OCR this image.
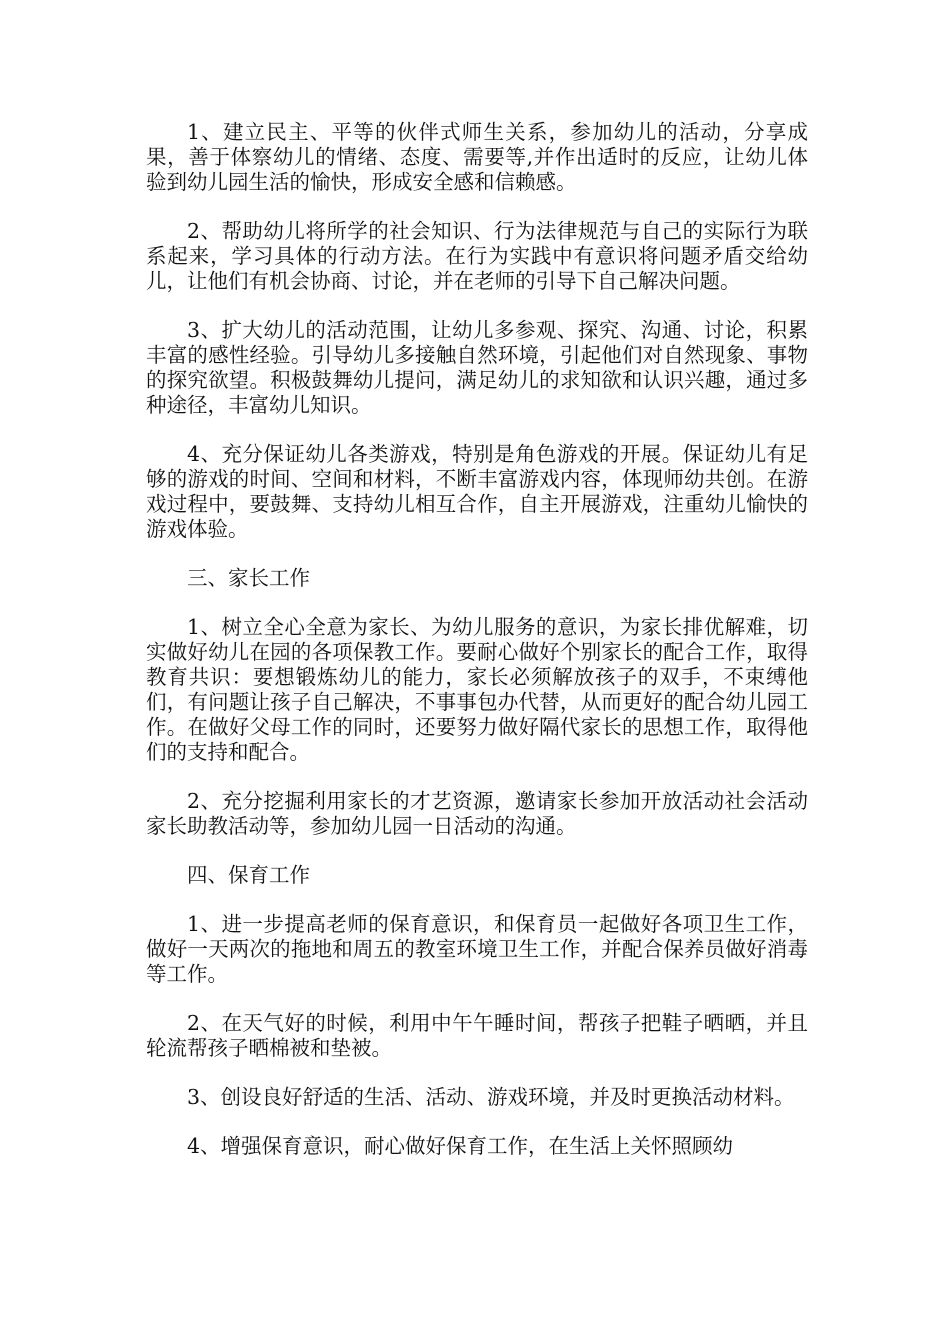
1、建立民主、平等的伙伴式师生关系，参加幼儿的活动，分享成果，善于体察幼儿的情绪、态度、需要等,并作出适时的反应，让幼儿体验到幼儿园生活的愉快，形成安全感和信赖感。

2、帮助幼儿将所学的社会知识、行为法律规范与自己的实际行为联系起来，学习具体的行动方法。在行为实践中有意识将问题矛盾交给幼儿，让他们有机会协商、讨论，并在老师的引导下自己解决问题。

3、扩大幼儿的活动范围，让幼儿多参观、探究、沟通、讨论，积累丰富的感性经验。引导幼儿多接触自然环境，引起他们对自然现象、事物的探究欲望。积极鼓舞幼儿提问，满足幼儿的求知欲和认识兴趣，通过多种途径，丰富幼儿知识。

4、充分保证幼儿各类游戏，特别是角色游戏的开展。保证幼儿有足够的游戏的时间、空间和材料，不断丰富游戏内容，体现师幼共创。在游戏过程中，要鼓舞、支持幼儿相互合作，自主开展游戏，注重幼儿愉快的游戏体验。

三、家长工作

1、树立全心全意为家长、为幼儿服务的意识，为家长排优解难，切实做好幼儿在园的各项保教工作。要耐心做好个别家长的配合工作，取得教育共识：要想锻炼幼儿的能力，家长必须解放孩子的双手，不束缚他们，有问题让孩子自己解决，不事事包办代替，从而更好的配合幼儿园工作。在做好父母工作的同时，还要努力做好隔代家长的思想工作，取得他们的支持和配合。

2、充分挖掘利用家长的才艺资源，邀请家长参加开放活动社会活动家长助教活动等，参加幼儿园一日活动的沟通。

四、保育工作

1、进一步提高老师的保育意识，和保育员一起做好各项卫生工作，做好一天两次的拖地和周五的教室环境卫生工作，并配合保养员做好消毒等工作。

2、在天气好的时候，利用中午午睡时间，帮孩子把鞋子晒晒，并且轮流帮孩子晒棉被和垫被。

3、创设良好舒适的生活、活动、游戏环境，并及时更换活动材料。

4、增强保育意识，耐心做好保育工作，在生活上关怀照顾幼
